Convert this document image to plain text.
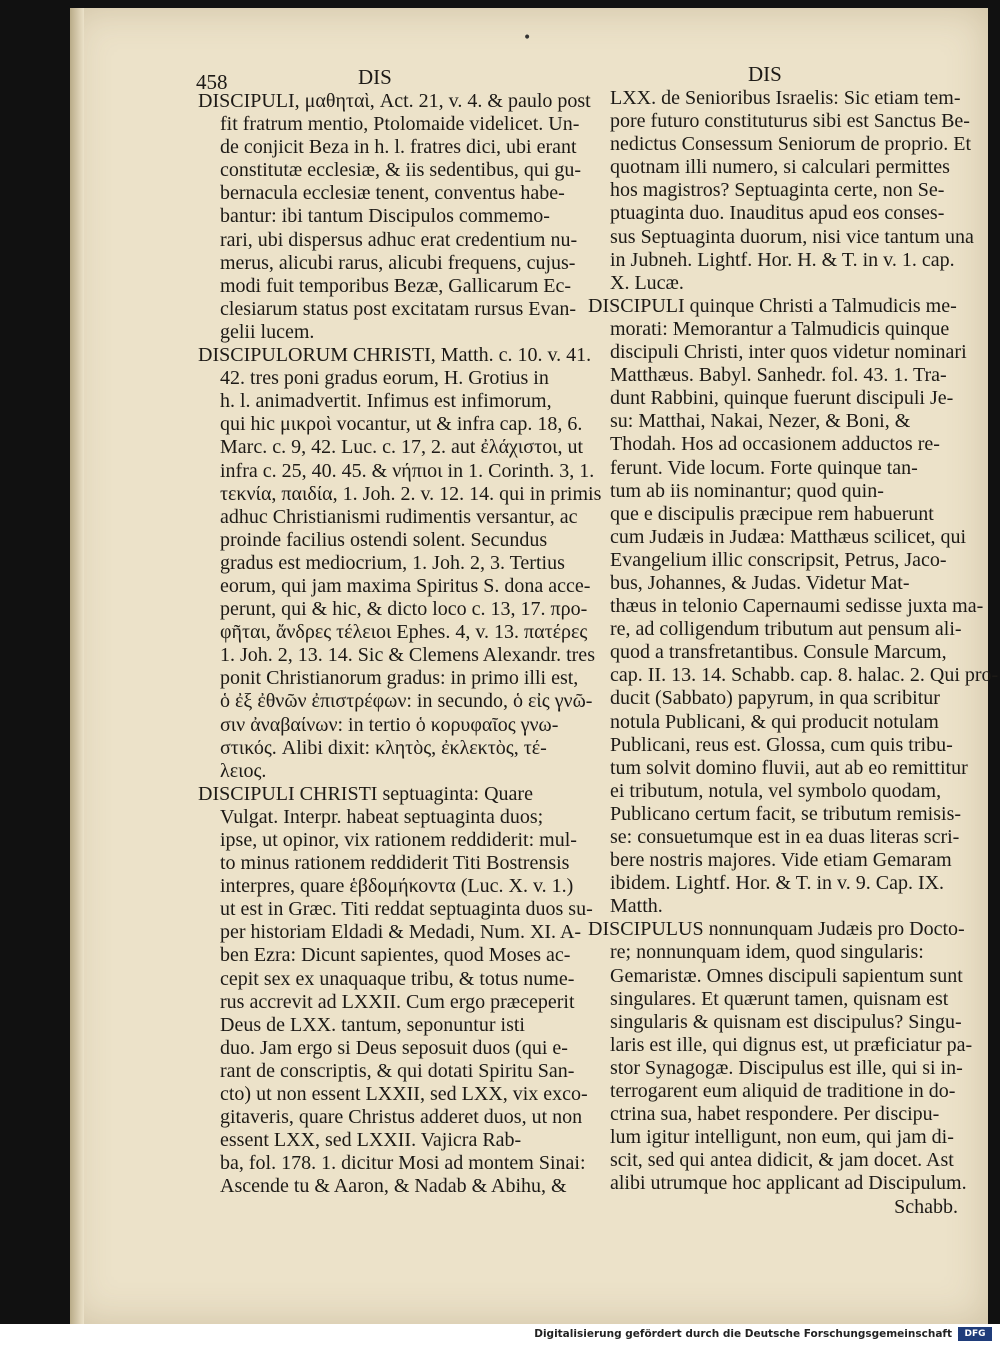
•
458	DIS	DIS
DISCIPULI, μαθηταὶ, Act. 21, v. 4. & paulo post
fit fratrum mentio, Ptolomaide videlicet. Un-
de conjicit Beza in h. l. fratres dici, ubi erant
constitutæ ecclesiæ, & iis sedentibus, qui gu-
bernacula ecclesiæ tenent, conventus habe-
bantur: ibi tantum Discipulos commemo-
rari, ubi dispersus adhuc erat credentium nu-
merus, alicubi rarus, alicubi frequens, cujus-
modi fuit temporibus Bezæ, Gallicarum Ec-
clesiarum status post excitatam rursus Evan-
gelii lucem.
DISCIPULORUM CHRISTI, Matth. c. 10. v. 41.
42. tres poni gradus eorum, H. Grotius in
h. l. animadvertit. Infimus est infimorum,
qui hic μικροὶ vocantur, ut & infra cap. 18, 6.
Marc. c. 9, 42. Luc. c. 17, 2. aut ἐλάχιστοι, ut
infra c. 25, 40. 45. & νήπιοι in 1. Corinth. 3, 1.
τεκνία, παιδία, 1. Joh. 2. v. 12. 14. qui in primis
adhuc Christianismi rudimentis versantur, ac
proinde facilius ostendi solent. Secundus
gradus est mediocrium, 1. Joh. 2, 3. Tertius
eorum, qui jam maxima Spiritus S. dona acce-
perunt, qui & hic, & dicto loco c. 13, 17. προ-
φῆται, ἄνδρες τέλειοι Ephes. 4, v. 13. πατέρες
1. Joh. 2, 13. 14. Sic & Clemens Alexandr. tres
ponit Christianorum gradus: in primo illi est,
ὁ ἐξ ἐθνῶν ἐπιστρέφων: in secundo, ὁ εἰς γνῶ-
σιν ἀναβαίνων: in tertio ὁ κορυφαῖος γνω-
στικός. Alibi dixit: κλητὸς, ἐκλεκτὸς, τέ-
λειος.
DISCIPULI CHRISTI septuaginta: Quare
Vulgat. Interpr. habeat septuaginta duos;
ipse, ut opinor, vix rationem reddiderit: mul-
to minus rationem reddiderit Titi Bostrensis
interpres, quare ἑβδομήκοντα (Luc. X. v. 1.)
ut est in Græc. Titi reddat septuaginta duos su-
per historiam Eldadi & Medadi, Num. XI. A-
ben Ezra: Dicunt sapientes, quod Moses ac-
cepit sex ex unaquaque tribu, & totus nume-
rus accrevit ad LXXII. Cum ergo præceperit
Deus de LXX. tantum, seponuntur isti
duo. Jam ergo si Deus seposuit duos (qui e-
rant de conscriptis, & qui dotati Spiritu San-
cto) ut non essent LXXII, sed LXX, vix exco-
gitaveris, quare Christus adderet duos, ut non
essent LXX, sed LXXII. Vajicra Rab-
ba, fol. 178. 1. dicitur Mosi ad montem Sinai:
Ascende tu & Aaron, & Nadab & Abihu, &
LXX. de Senioribus Israelis: Sic etiam tem-
pore futuro constituturus sibi est Sanctus Be-
nedictus Consessum Seniorum de proprio. Et
quotnam illi numero, si calculari permittes
hos magistros? Septuaginta certe, non Se-
ptuaginta duo. Inauditus apud eos conses-
sus Septuaginta duorum, nisi vice tantum una
in Jubneh. Lightf. Hor. H. & T. in v. 1. cap.
X. Lucæ.
DISCIPULI quinque Christi a Talmudicis me-
morati: Memorantur a Talmudicis quinque
discipuli Christi, inter quos videtur nominari
Matthæus. Babyl. Sanhedr. fol. 43. 1. Tra-
dunt Rabbini, quinque fuerunt discipuli Je-
su: Matthai, Nakai, Nezer, & Boni, &
Thodah. Hos ad occasionem adductos re-
ferunt. Vide locum. Forte quinque tan-
tum ab iis nominantur; quod quin-
que e discipulis præcipue rem habuerunt
cum Judæis in Judæa: Matthæus scilicet, qui
Evangelium illic conscripsit, Petrus, Jaco-
bus, Johannes, & Judas. Videtur Mat-
thæus in telonio Capernaumi sedisse juxta ma-
re, ad colligendum tributum aut pensum ali-
quod a transfretantibus. Consule Marcum,
cap. II. 13. 14. Schabb. cap. 8. halac. 2. Qui pro-
ducit (Sabbato) papyrum, in qua scribitur
notula Publicani, & qui producit notulam
Publicani, reus est. Glossa, cum quis tribu-
tum solvit domino fluvii, aut ab eo remittitur
ei tributum, notula, vel symbolo quodam,
Publicano certum facit, se tributum remisis-
se: consuetumque est in ea duas literas scri-
bere nostris majores. Vide etiam Gemaram
ibidem. Lightf. Hor. & T. in v. 9. Cap. IX.
Matth.
DISCIPULUS nonnunquam Judæis pro Docto-
re; nonnunquam idem, quod singularis:
Gemaristæ. Omnes discipuli sapientum sunt
singulares. Et quærunt tamen, quisnam est
singularis & quisnam est discipulus? Singu-
laris est ille, qui dignus est, ut præficiatur pa-
stor Synagogæ. Discipulus est ille, qui si in-
terrogarent eum aliquid de traditione in do-
ctrina sua, habet respondere. Per discipu-
lum igitur intelligunt, non eum, qui jam di-
scit, sed qui antea didicit, & jam docet. Ast
alibi utrumque hoc applicant ad Discipulum.
Schabb.
Digitalisierung gefördert durch die Deutsche Forschungsgemeinschaft	DFG
